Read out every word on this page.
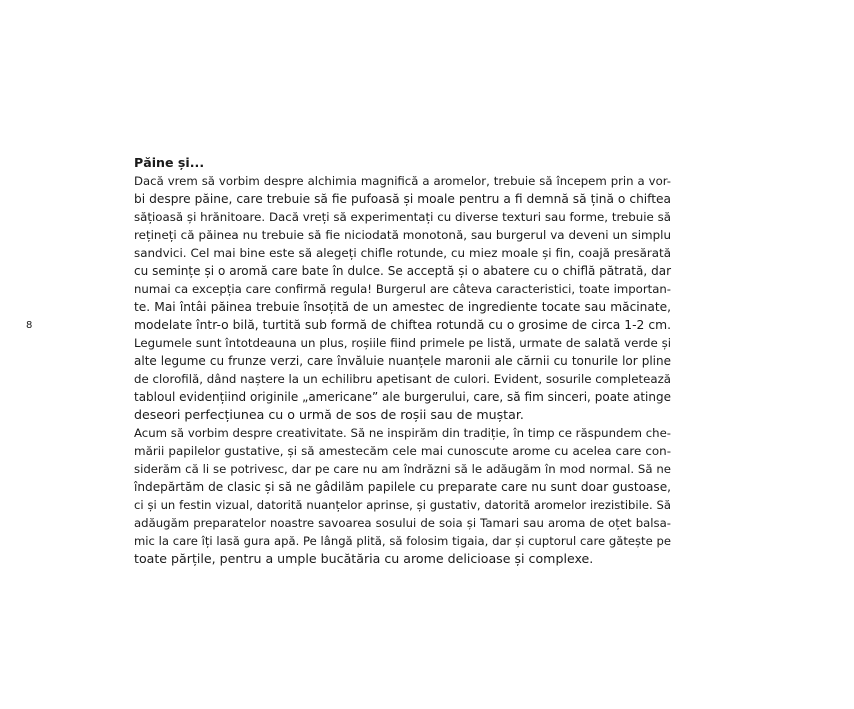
8
Păine și...
Dacă vrem să vorbim despre alchimia magnifică a aromelor, trebuie să începem prin a vor-
bi despre păine, care trebuie să fie pufoasă și moale pentru a fi demnă să țină o chiftea
sățioasă și hrănitoare. Dacă vreți să experimentați cu diverse texturi sau forme, trebuie să
rețineți că păinea nu trebuie să fie niciodată monotonă, sau burgerul va deveni un simplu
sandvici. Cel mai bine este să alegeți chifle rotunde, cu miez moale și fin, coajă presărată
cu semințe și o aromă care bate în dulce. Se acceptă și o abatere cu o chiflă pătrată, dar
numai ca excepția care confirmă regula! Burgerul are câteva caracteristici, toate importan-
te. Mai întâi păinea trebuie însoțită de un amestec de ingrediente tocate sau măcinate,
modelate într-o bilă, turtită sub formă de chiftea rotundă cu o grosime de circa 1-2 cm.
Legumele sunt întotdeauna un plus, roșiile fiind primele pe listă, urmate de salată verde și
alte legume cu frunze verzi, care învăluie nuanțele maronii ale cărnii cu tonurile lor pline
de clorofilă, dând naștere la un echilibru apetisant de culori. Evident, sosurile completează
tabloul evidențiind originile „americane” ale burgerului, care, să fim sinceri, poate atinge
deseori perfecțiunea cu o urmă de sos de roșii sau de muștar.
Acum să vorbim despre creativitate. Să ne inspirăm din tradiție, în timp ce răspundem che-
mării papilelor gustative, și să amestecăm cele mai cunoscute arome cu acelea care con-
siderăm că li se potrivesc, dar pe care nu am îndrăzni să le adăugăm în mod normal. Să ne
îndepărtăm de clasic și să ne gâdilăm papilele cu preparate care nu sunt doar gustoase,
ci și un festin vizual, datorită nuanțelor aprinse, și gustativ, datorită aromelor irezistibile. Să
adăugăm preparatelor noastre savoarea sosului de soia și Tamari sau aroma de oțet balsa-
mic la care îți lasă gura apă. Pe lângă plită, să folosim tigaia, dar și cuptorul care gătește pe
toate părțile, pentru a umple bucătăria cu arome delicioase și complexe.
